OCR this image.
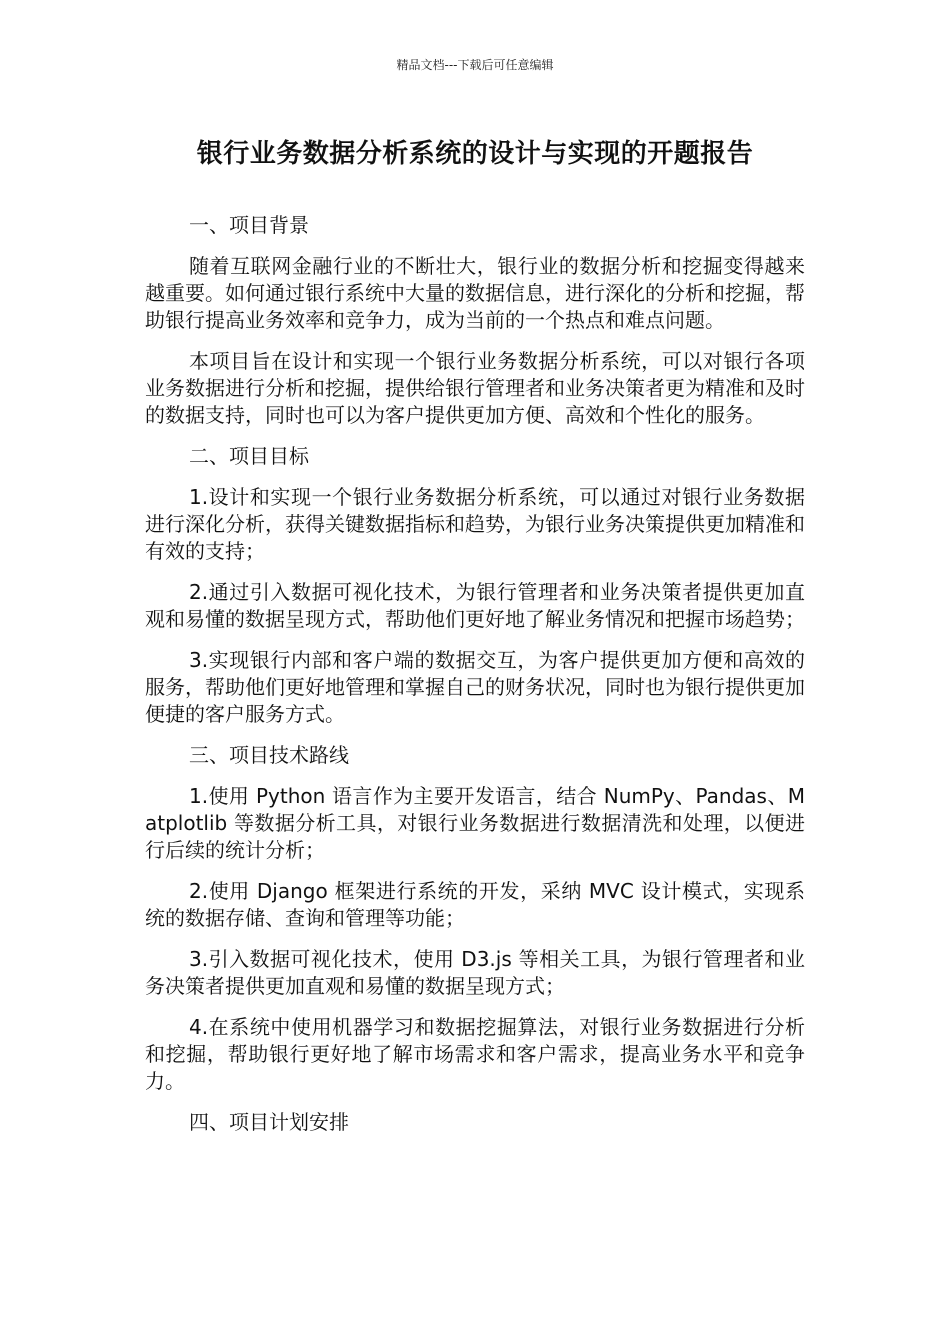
精品文档---下载后可任意编辑
银行业务数据分析系统的设计与实现的开题报告
一、项目背景

随着互联网金融行业的不断壮大，银行业的数据分析和挖掘变得越来越重要。如何通过银行系统中大量的数据信息，进行深化的分析和挖掘，帮助银行提高业务效率和竞争力，成为当前的一个热点和难点问题。

本项目旨在设计和实现一个银行业务数据分析系统，可以对银行各项业务数据进行分析和挖掘，提供给银行管理者和业务决策者更为精准和及时的数据支持，同时也可以为客户提供更加方便、高效和个性化的服务。

二、项目目标

1.设计和实现一个银行业务数据分析系统，可以通过对银行业务数据进行深化分析，获得关键数据指标和趋势，为银行业务决策提供更加精准和有效的支持；

2.通过引入数据可视化技术，为银行管理者和业务决策者提供更加直观和易懂的数据呈现方式，帮助他们更好地了解业务情况和把握市场趋势；

3.实现银行内部和客户端的数据交互，为客户提供更加方便和高效的服务，帮助他们更好地管理和掌握自己的财务状况，同时也为银行提供更加便捷的客户服务方式。

三、项目技术路线

1.使用 Python 语言作为主要开发语言，结合 NumPy、Pandas、Matplotlib 等数据分析工具，对银行业务数据进行数据清洗和处理，以便进行后续的统计分析；

2.使用 Django 框架进行系统的开发，采纳 MVC 设计模式，实现系统的数据存储、查询和管理等功能；

3.引入数据可视化技术，使用 D3.js 等相关工具，为银行管理者和业务决策者提供更加直观和易懂的数据呈现方式；

4.在系统中使用机器学习和数据挖掘算法，对银行业务数据进行分析和挖掘，帮助银行更好地了解市场需求和客户需求，提高业务水平和竞争力。

四、项目计划安排
